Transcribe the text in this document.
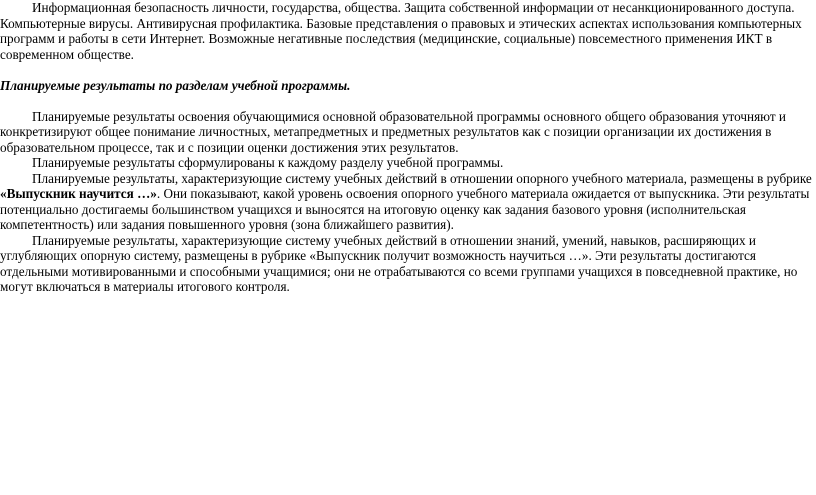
Информационная безопасность личности, государства, общества. Защита собственной информации от несанкционированного доступа. Компьютерные вирусы. Антивирусная профилактика. Базовые представления о правовых и этических аспектах использования компьютерных программ и работы в сети Интернет. Возможные негативные последствия (медицинские, социальные) повсеместного применения ИКТ в современном обществе.

Планируемые результаты по разделам учебной программы.

Планируемые результаты освоения обучающимися основной образовательной программы основного общего образования уточняют и конкретизируют общее понимание личностных, метапредметных и предметных результатов как с позиции организации их достижения в образовательном процессе, так и с позиции оценки достижения этих результатов.

Планируемые результаты сформулированы к каждому разделу учебной программы.

Планируемые результаты, характеризующие систему учебных действий в отношении опорного учебного материала, размещены в рубрике «Выпускник научится …». Они показывают, какой уровень освоения опорного учебного материала ожидается от выпускника. Эти результаты потенциально достигаемы большинством учащихся и выносятся на итоговую оценку как задания базового уровня (исполнительская компетентность) или задания повышенного уровня (зона ближайшего развития).

Планируемые результаты, характеризующие систему учебных действий в отношении знаний, умений, навыков, расширяющих и углубляющих опорную систему, размещены в рубрике «Выпускник получит возможность научиться …». Эти результаты достигаются отдельными мотивированными и способными учащимися; они не отрабатываются со всеми группами учащихся в повседневной практике, но могут включаться в материалы итогового контроля.
